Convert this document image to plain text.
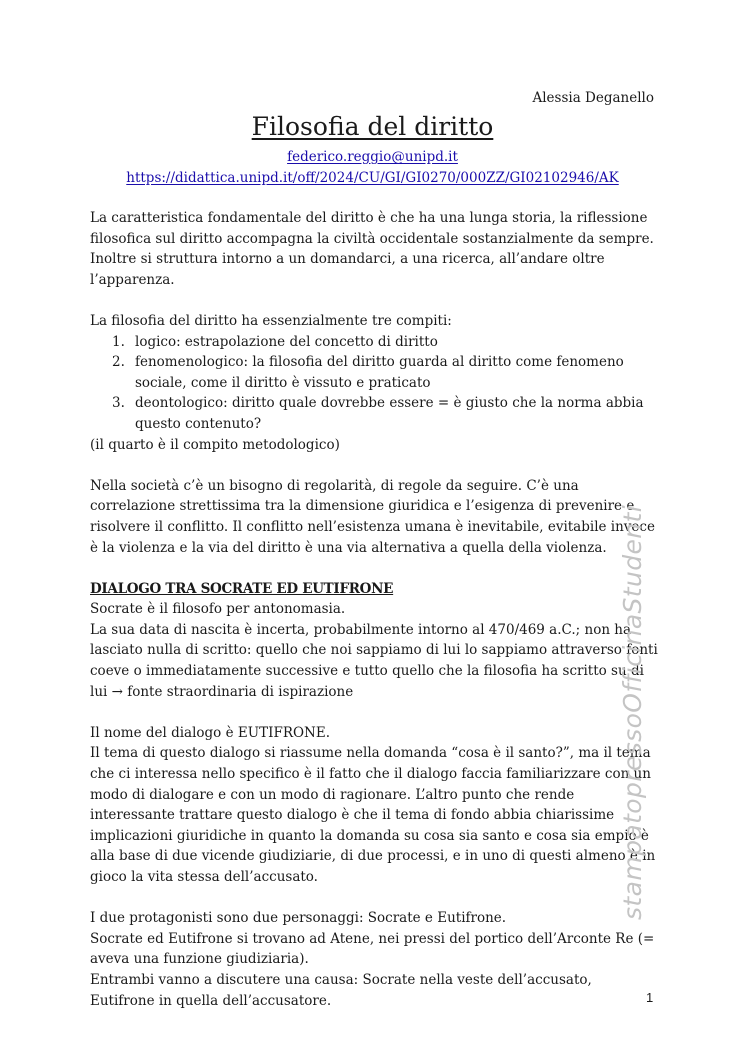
Alessia Deganello
Filosofia del diritto
federico.reggio@unipd.it
https://didattica.unipd.it/off/2024/CU/GI/GI0270/000ZZ/GI02102946/AK

La caratteristica fondamentale del diritto è che ha una lunga storia, la riflessione filosofica sul diritto accompagna la civiltà occidentale sostanzialmente da sempre. Inoltre si struttura intorno a un domandarci, a una ricerca, all’andare oltre l’apparenza.

La filosofia del diritto ha essenzialmente tre compiti:

1. logico: estrapolazione del concetto di diritto
2. fenomenologico: la filosofia del diritto guarda al diritto come fenomeno sociale, come il diritto è vissuto e praticato
3. deontologico: diritto quale dovrebbe essere = è giusto che la norma abbia questo contenuto?

(il quarto è il compito metodologico)

Nella società c’è un bisogno di regolarità, di regole da seguire. C’è una correlazione strettissima tra la dimensione giuridica e l’esigenza di prevenire e risolvere il conflitto. Il conflitto nell’esistenza umana è inevitabile, evitabile invece è la violenza e la via del diritto è una via alternativa a quella della violenza.

DIALOGO TRA SOCRATE ED EUTIFRONE

Socrate è il filosofo per antonomasia.

La sua data di nascita è incerta, probabilmente intorno al 470/469 a.C.; non ha lasciato nulla di scritto: quello che noi sappiamo di lui lo sappiamo attraverso fonti coeve o immediatamente successive e tutto quello che la filosofia ha scritto su di lui → fonte straordinaria di ispirazione

Il nome del dialogo è EUTIFRONE.

Il tema di questo dialogo si riassume nella domanda “cosa è il santo?”, ma il tema che ci interessa nello specifico è il fatto che il dialogo faccia familiarizzare con un modo di dialogare e con un modo di ragionare. L’altro punto che rende interessante trattare questo dialogo è che il tema di fondo abbia chiarissime implicazioni giuridiche in quanto la domanda su cosa sia santo e cosa sia empio è alla base di due vicende giudiziarie, di due processi, e in uno di questi almeno è in gioco la vita stessa dell’accusato.

I due protagonisti sono due personaggi: Socrate e Eutifrone.

Socrate ed Eutifrone si trovano ad Atene, nei pressi del portico dell’Arconte Re (= aveva una funzione giudiziaria).

Entrambi vanno a discutere una causa: Socrate nella veste dell’accusato, Eutifrone in quella dell’accusatore.

stampatopressoOfficinaStudenti
1
